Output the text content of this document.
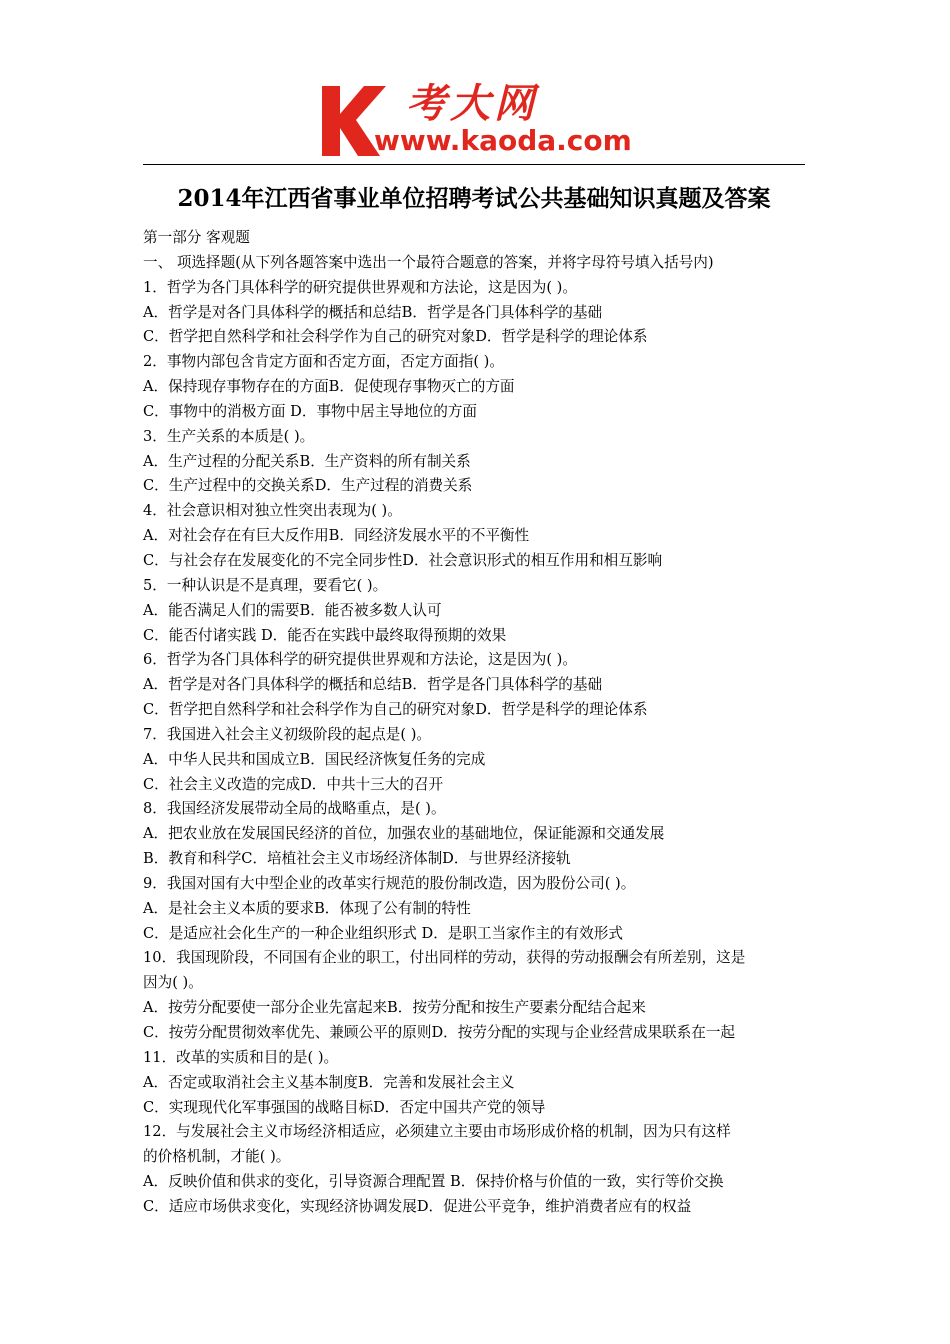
考大网
www.kaoda.com
2014年江西省事业单位招聘考试公共基础知识真题及答案
第一部分 客观题
一、 项选择题(从下列各题答案中选出一个最符合题意的答案，并将字母符号填入括号内)
1．哲学为各门具体科学的研究提供世界观和方法论，这是因为( )。
A．哲学是对各门具体科学的概括和总结B．哲学是各门具体科学的基础
C．哲学把自然科学和社会科学作为自己的研究对象D．哲学是科学的理论体系
2．事物内部包含肯定方面和否定方面，否定方面指( )。
A．保持现存事物存在的方面B．促使现存事物灭亡的方面
C．事物中的消极方面 D．事物中居主导地位的方面
3．生产关系的本质是( )。
A．生产过程的分配关系B．生产资料的所有制关系
C．生产过程中的交换关系D．生产过程的消费关系
4．社会意识相对独立性突出表现为( )。
A．对社会存在有巨大反作用B．同经济发展水平的不平衡性
C．与社会存在发展变化的不完全同步性D．社会意识形式的相互作用和相互影响
5．一种认识是不是真理，要看它( )。
A．能否满足人们的需要B．能否被多数人认可
C．能否付诸实践 D．能否在实践中最终取得预期的效果
6．哲学为各门具体科学的研究提供世界观和方法论，这是因为( )。
A．哲学是对各门具体科学的概括和总结B．哲学是各门具体科学的基础
C．哲学把自然科学和社会科学作为自己的研究对象D．哲学是科学的理论体系
7．我国进入社会主义初级阶段的起点是( )。
A．中华人民共和国成立B．国民经济恢复任务的完成
C．社会主义改造的完成D．中共十三大的召开
8．我国经济发展带动全局的战略重点，是( )。
A．把农业放在发展国民经济的首位，加强农业的基础地位，保证能源和交通发展
B．教育和科学C．培植社会主义市场经济体制D．与世界经济接轨
9．我国对国有大中型企业的改革实行规范的股份制改造，因为股份公司( )。
A．是社会主义本质的要求B．体现了公有制的特性
C．是适应社会化生产的一种企业组织形式 D．是职工当家作主的有效形式
10．我国现阶段，不同国有企业的职工，付出同样的劳动，获得的劳动报酬会有所差别，这是
因为( )。
A．按劳分配要使一部分企业先富起来B．按劳分配和按生产要素分配结合起来
C．按劳分配贯彻效率优先、兼顾公平的原则D．按劳分配的实现与企业经营成果联系在一起
11．改革的实质和目的是( )。
A．否定或取消社会主义基本制度B．完善和发展社会主义
C．实现现代化军事强国的战略目标D．否定中国共产党的领导
12．与发展社会主义市场经济相适应，必须建立主要由市场形成价格的机制，因为只有这样
的价格机制，才能( )。
A．反映价值和供求的变化，引导资源合理配置 B．保持价格与价值的一致，实行等价交换
C．适应市场供求变化，实现经济协调发展D．促进公平竞争，维护消费者应有的权益
